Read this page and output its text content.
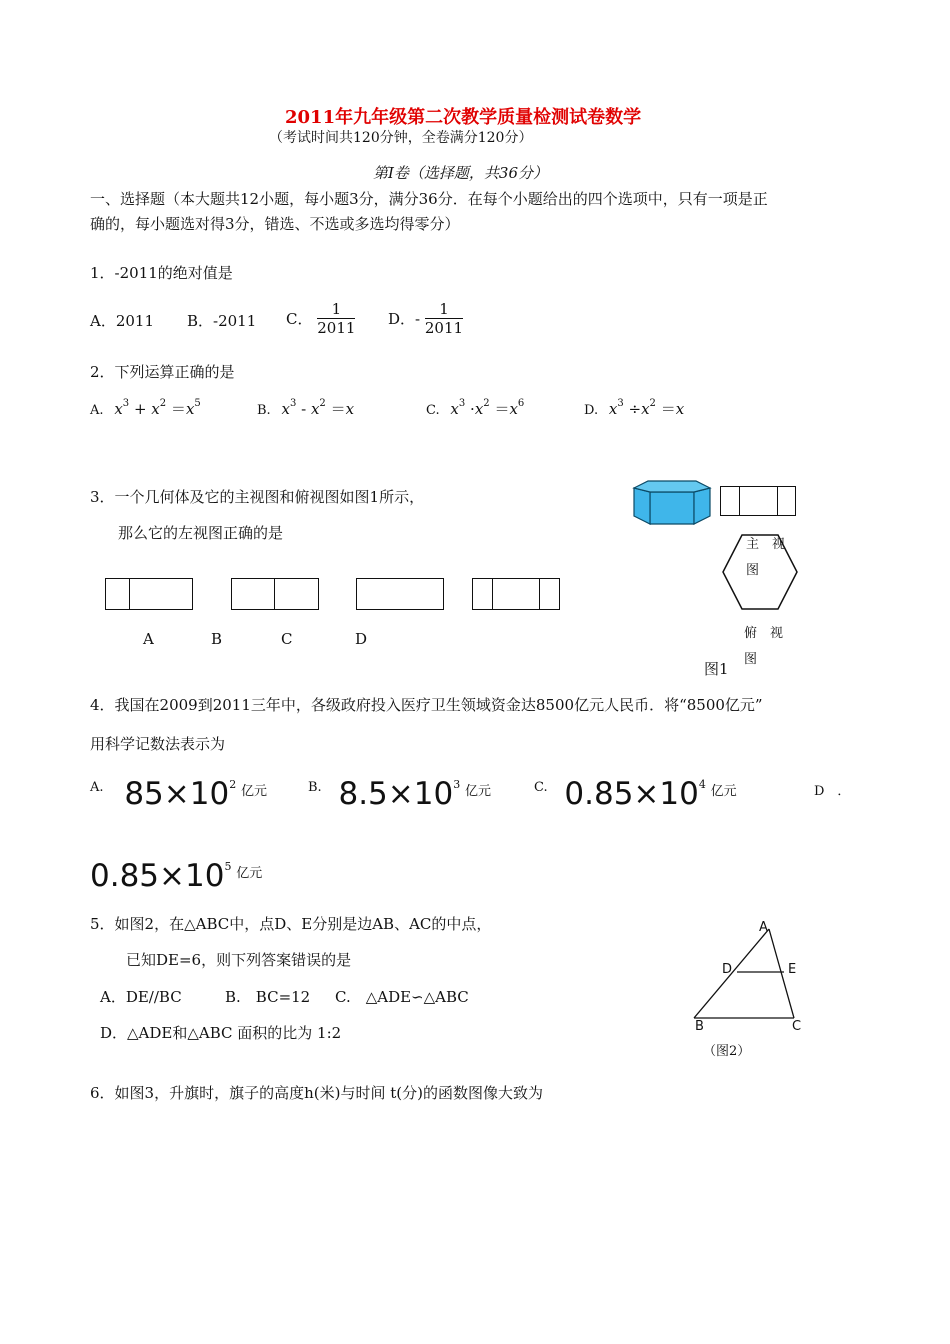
2011年九年级第二次教学质量检测试卷数学
（考试时间共120分钟，全卷满分120分）
第Ⅰ卷（选择题，共36分）
一、选择题（本大题共12小题，每小题3分，满分36分．在每个小题给出的四个选项中，只有一项是正
确的，每小题选对得3分，错选、不选或多选均得零分）
1．-2011的绝对值是
A．2011 B．-2011 C． $\frac{1}{2011}$ D．- $\frac{1}{2011}$
2．下列运算正确的是
A. $x^3 + x^2 =x^5$	B. $x^3 - x^2 =x$	C. $x^3 \cdot x^2 =x^6$	D. $x^3 \div x^2 =x$
3．一个几何体及它的主视图和俯视图如图1所示，
那么它的左视图正确的是
A	B	C	D
主　视
图
俯　视
图
图1
4．我国在2009到2011三年中，各级政府投入医疗卫生领域资金达8500亿元人民币．将“8500亿元”
用科学记数法表示为
A. $85\times 10^2$ 亿元	B. $8.5\times 10^3$ 亿元	C. $0.85\times 10^4$ 亿元	D　．
$0.85\times 10^5$ 亿元
5．如图2，在△ABC中，点D、E分别是边AB、AC的中点，
已知DE=6，则下列答案错误的是
A．DE//BC	B.　BC=12 C.　△ADE∽△ABC
D．△ADE和△ABC 面积的比为 1:2
A
D	E
B	C
（图2）
6．如图3，升旗时，旗子的高度h(米)与时间 t(分)的函数图像大致为
